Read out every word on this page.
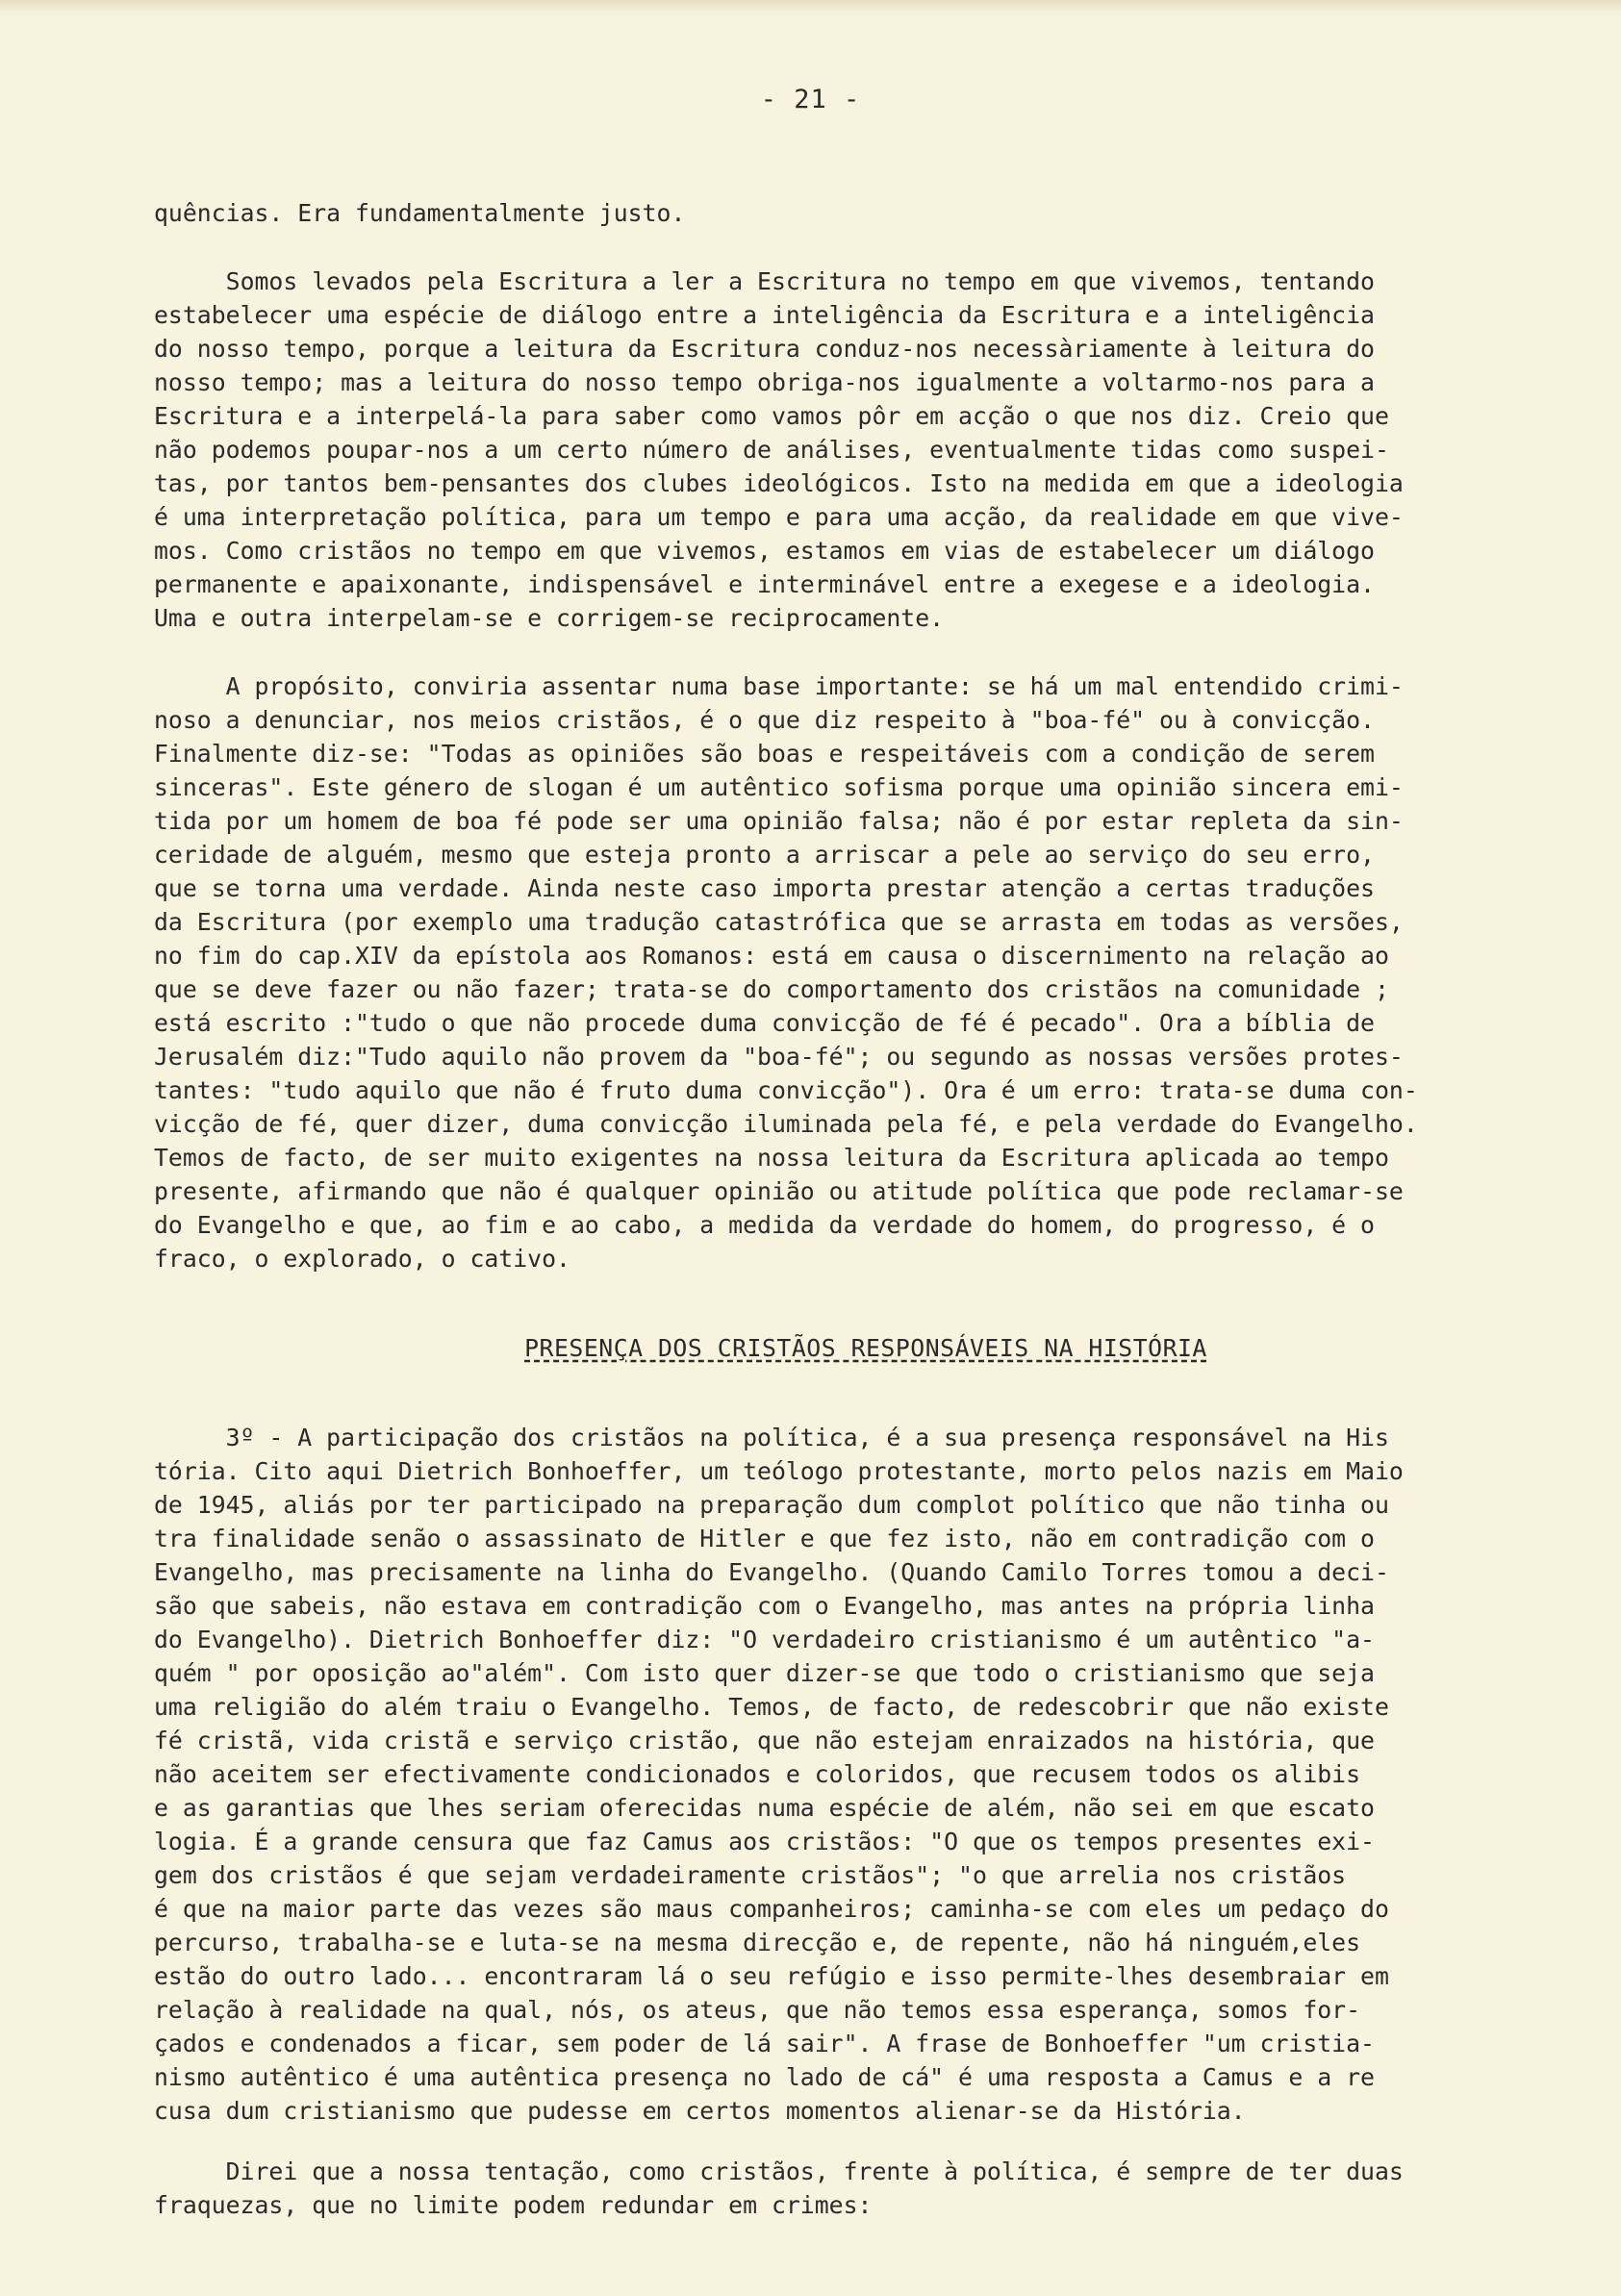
- 21 -

quências. Era fundamentalmente justo.

Somos levados pela Escritura a ler a Escritura no tempo em que vivemos, tentando
estabelecer uma espécie de diálogo entre a inteligência da Escritura e a inteligência
do nosso tempo, porque a leitura da Escritura conduz-nos necessàriamente à leitura do
nosso tempo; mas a leitura do nosso tempo obriga-nos igualmente a voltarmo-nos para a
Escritura e a interpelá-la para saber como vamos pôr em acção o que nos diz. Creio que
não podemos poupar-nos a um certo número de análises, eventualmente tidas como suspei-
tas, por tantos bem-pensantes dos clubes ideológicos. Isto na medida em que a ideologia
é uma interpretação política, para um tempo e para uma acção, da realidade em que vive-
mos. Como cristãos no tempo em que vivemos, estamos em vias de estabelecer um diálogo
permanente e apaixonante, indispensável e interminável entre a exegese e a ideologia.
Uma e outra interpelam-se e corrigem-se reciprocamente.

A propósito, conviria assentar numa base importante: se há um mal entendido crimi-
noso a denunciar, nos meios cristãos, é o que diz respeito à "boa-fé" ou à convicção.
Finalmente diz-se: "Todas as opiniões são boas e respeitáveis com a condição de serem
sinceras". Este género de slogan é um autêntico sofisma porque uma opinião sincera emi-
tida por um homem de boa fé pode ser uma opinião falsa; não é por estar repleta da sin-
ceridade de alguém, mesmo que esteja pronto a arriscar a pele ao serviço do seu erro,
que se torna uma verdade. Ainda neste caso importa prestar atenção a certas traduções
da Escritura (por exemplo uma tradução catastrófica que se arrasta em todas as versões,
no fim do cap.XIV da epístola aos Romanos: está em causa o discernimento na relação ao
que se deve fazer ou não fazer; trata-se do comportamento dos cristãos na comunidade ;
está escrito :"tudo o que não procede duma convicção de fé é pecado". Ora a bíblia de
Jerusalém diz:"Tudo aquilo não provem da "boa-fé"; ou segundo as nossas versões protes-
tantes: "tudo aquilo que não é fruto duma convicção"). Ora é um erro: trata-se duma con-
vicção de fé, quer dizer, duma convicção iluminada pela fé, e pela verdade do Evangelho.
Temos de facto, de ser muito exigentes na nossa leitura da Escritura aplicada ao tempo
presente, afirmando que não é qualquer opinião ou atitude política que pode reclamar-se
do Evangelho e que, ao fim e ao cabo, a medida da verdade do homem, do progresso, é o
fraco, o explorado, o cativo.

PRESENÇA DOS CRISTÃOS RESPONSÁVEIS NA HISTÓRIA

3º - A participação dos cristãos na política, é a sua presença responsável na His
tória. Cito aqui Dietrich Bonhoeffer, um teólogo protestante, morto pelos nazis em Maio
de 1945, aliás por ter participado na preparação dum complot político que não tinha ou
tra finalidade senão o assassinato de Hitler e que fez isto, não em contradição com o
Evangelho, mas precisamente na linha do Evangelho. (Quando Camilo Torres tomou a deci-
são que sabeis, não estava em contradição com o Evangelho, mas antes na própria linha
do Evangelho). Dietrich Bonhoeffer diz: "O verdadeiro cristianismo é um autêntico "a-
quém " por oposição ao"além". Com isto quer dizer-se que todo o cristianismo que seja
uma religião do além traiu o Evangelho. Temos, de facto, de redescobrir que não existe
fé cristã, vida cristã e serviço cristão, que não estejam enraizados na história, que
não aceitem ser efectivamente condicionados e coloridos, que recusem todos os alibis
e as garantias que lhes seriam oferecidas numa espécie de além, não sei em que escato
logia. É a grande censura que faz Camus aos cristãos: "O que os tempos presentes exi-
gem dos cristãos é que sejam verdadeiramente cristãos"; "o que arrelia nos cristãos
é que na maior parte das vezes são maus companheiros; caminha-se com eles um pedaço do
percurso, trabalha-se e luta-se na mesma direcção e, de repente, não há ninguém,eles
estão do outro lado... encontraram lá o seu refúgio e isso permite-lhes desembraiar em
relação à realidade na qual, nós, os ateus, que não temos essa esperança, somos for-
çados e condenados a ficar, sem poder de lá sair". A frase de Bonhoeffer "um cristia-
nismo autêntico é uma autêntica presença no lado de cá" é uma resposta a Camus e a re
cusa dum cristianismo que pudesse em certos momentos alienar-se da História.

Direi que a nossa tentação, como cristãos, frente à política, é sempre de ter duas
fraquezas, que no limite podem redundar em crimes:
